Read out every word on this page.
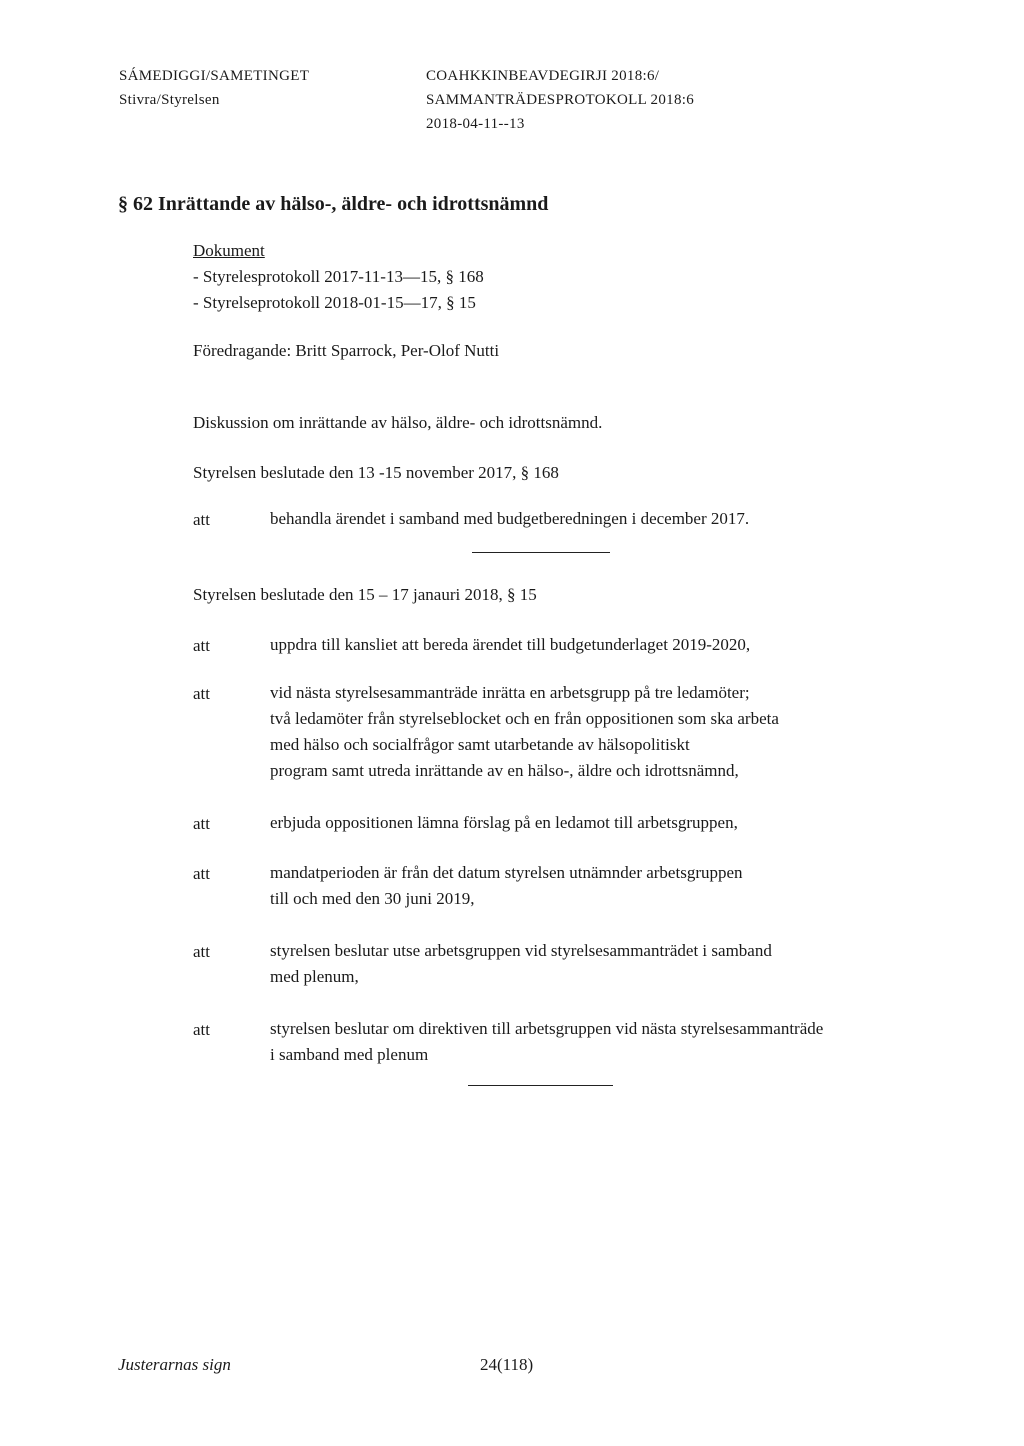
SÁMEDIGGI/SAMETINGET
Stivra/Styrelsen
COAHKKINBEAVDEGIRJI 2018:6/
SAMMANTRÄDESPROTOKOLL 2018:6
2018-04-11--13
§ 62 Inrättande av hälso-, äldre- och idrottsnämnd
Dokument
- Styrelesprotokoll 2017-11-13—15, § 168
- Styrelseprotokoll 2018-01-15—17, § 15
Föredragande: Britt Sparrock, Per-Olof Nutti
Diskussion om inrättande av hälso, äldre- och idrottsnämnd.
Styrelsen beslutade den 13 -15 november 2017, § 168
att	behandla ärendet i samband med budgetberedningen i december 2017.
Styrelsen beslutade den 15 – 17 janauri 2018, § 15
att	uppdra till kansliet att bereda ärendet till budgetunderlaget 2019-2020,
att	vid nästa styrelsesammanträde inrätta en arbetsgrupp på tre ledamöter;
två ledamöter från styrelseblocket och en från oppositionen som ska arbeta
med hälso och socialfrågor samt utarbetande av hälsopolitiskt
program samt utreda inrättande av en hälso-, äldre och idrottsnämnd,
att	erbjuda oppositionen lämna förslag på en ledamot till arbetsgruppen,
att	mandatperioden är från det datum styrelsen utnämnder arbetsgruppen
till och med den 30 juni 2019,
att	styrelsen beslutar utse arbetsgruppen vid styrelsesammanträdet i samband
med plenum,
att	styrelsen beslutar om direktiven till arbetsgruppen vid nästa styrelsesammanträde
i samband med plenum
Justerarnas sign	24(118)
